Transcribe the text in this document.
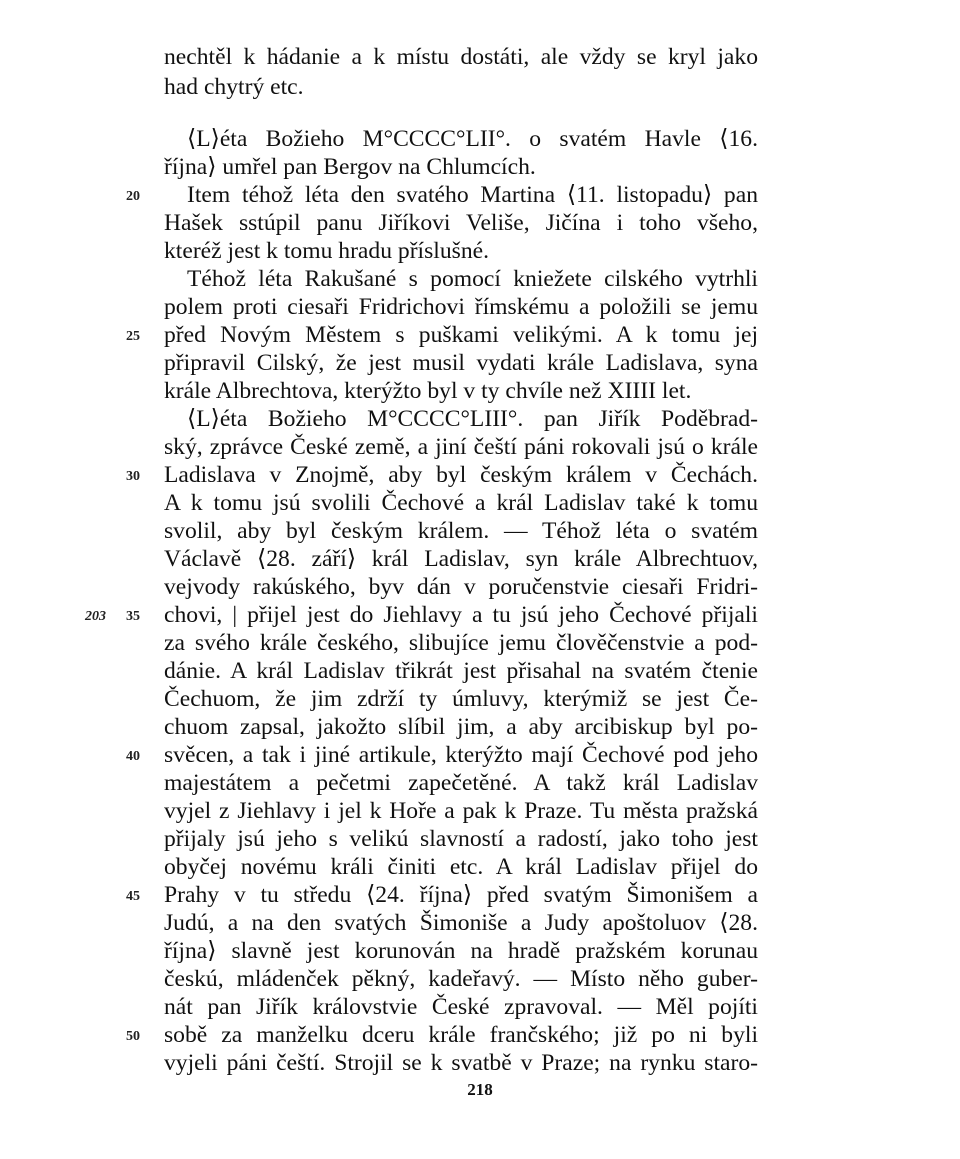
nechtěl k hádanie a k místu dostáti, ale vždy se kryl jako
had chytrý etc.
⟨L⟩éta Božieho M°CCCC°LII°. o svatém Havle ⟨16.
října⟩ umřel pan Bergov na Chlumcích.
Item téhož léta den svatého Martina ⟨11. listopadu⟩ pan
Hašek sstúpil panu Jiříkovi Veliše, Jičína i toho všeho,
kteréž jest k tomu hradu příslušné.
Téhož léta Rakušané s pomocí kniežete cilského vytrhli
polem proti ciesaři Fridrichovi římskému a položili se jemu
před Novým Městem s puškami velikými. A k tomu jej
připravil Cilský, že jest musil vydati krále Ladislava, syna
krále Albrechtova, kterýžto byl v ty chvíle než XIIII let.
⟨L⟩éta Božieho M°CCCC°LIII°. pan Jiřík Poděbrad-
ský, zprávce České země, a jiní čeští páni rokovali jsú o krále
Ladislava v Znojmě, aby byl českým králem v Čechách.
A k tomu jsú svolili Čechové a král Ladislav také k tomu
svolil, aby byl českým králem. — Téhož léta o svatém
Václavě ⟨28. září⟩ král Ladislav, syn krále Albrechtuov,
vejvody rakúského, byv dán v poručenstvie ciesaři Fridri-
chovi, | přijel jest do Jiehlavy a tu jsú jeho Čechové přijali
za svého krále českého, slibujíce jemu člověčenstvie a pod-
dánie. A král Ladislav třikrát jest přisahal na svatém čtenie
Čechuom, že jim zdrží ty úmluvy, kterýmiž se jest Če-
chuom zapsal, jakožto slíbil jim, a aby arcibiskup byl po-
svěcen, a tak i jiné artikule, kterýžto mají Čechové pod jeho
majestátem a pečetmi zapečetěné. A takž král Ladislav
vyjel z Jiehlavy i jel k Hoře a pak k Praze. Tu města pražská
přijaly jsú jeho s velikú slavností a radostí, jako toho jest
obyčej novému králi činiti etc. A král Ladislav přijel do
Prahy v tu středu ⟨24. října⟩ před svatým Šimonišem a
Judú, a na den svatých Šimoniše a Judy apoštoluov ⟨28.
října⟩ slavně jest korunován na hradě pražském korunau
českú, mládenček pěkný, kadeřavý. — Místo něho guber-
nát pan Jiřík královstvie České zpravoval. — Měl pojíti
sobě za manželku dceru krále frančského; již po ni byli
vyjeli páni čeští. Strojil se k svatbě v Praze; na rynku staro-
20
25
30
35
40
45
50
203
218
